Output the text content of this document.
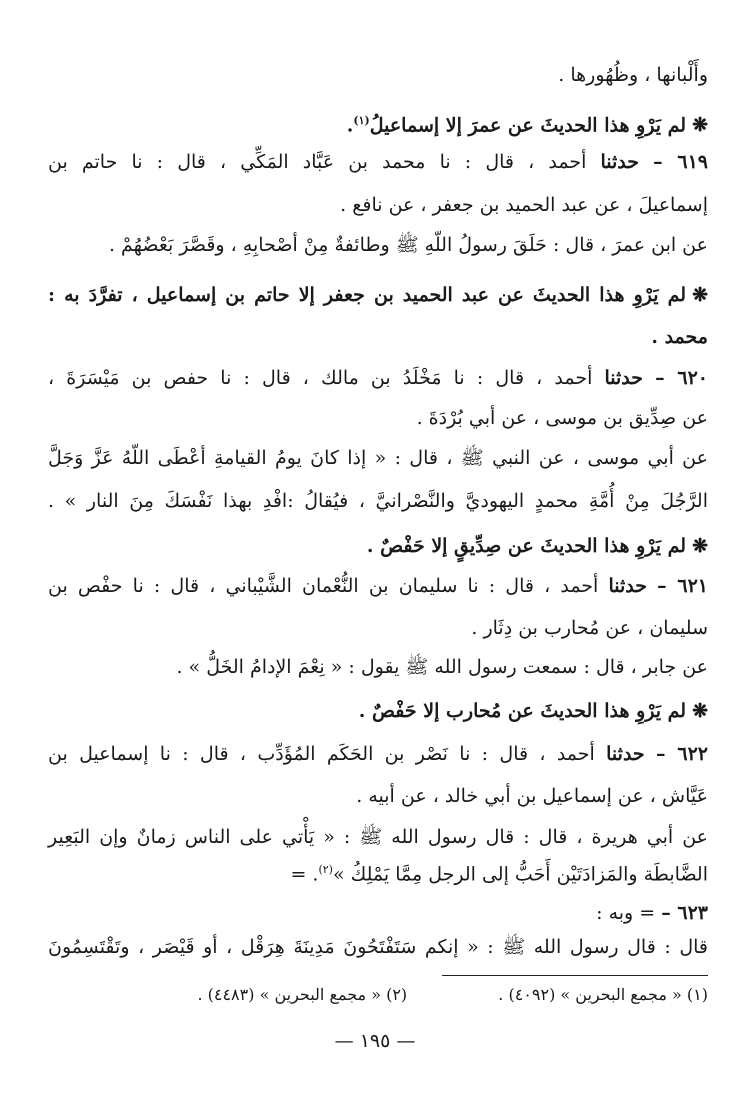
وأَلْبانها ، وظُهُورها .
❋لم يَرْوِ هذا الحديثَ عن عمرَ إلا إسماعيلُ$^{(١)}$.
٦١٩ – حدثنا أحمد ، قال : نا محمد بن عَبَّاد المَكِّي ، قال : نا حاتم بن
إسماعيلَ ، عن عبد الحميد بن جعفر ، عن نافع .
عن ابن عمرَ ، قال : حَلَقَ رسولُ اللّهِ ﷺ وطائفةٌ مِنْ أصْحابِهِ ، وقَصَّرَ بَعْضُهُمْ .
❋لم يَرْوِ هذا الحديثَ عن عبد الحميد بن جعفر إلا حاتم بن إسماعيل ، تفرَّدَ به :
محمد .
٦٢٠ – حدثنا أحمد ، قال : نا مَخْلَدُ بن مالك ، قال : نا حفص بن مَيْسَرَةَ ،
عن صِدِّيق بن موسى ، عن أبي بُرْدَةَ .
عن أبي موسى ، عن النبي ﷺ ، قال : « إذا كانَ يومُ القيامةِ أعْطَى اللّهُ عَزَّ وَجَلَّ
الرَّجُلَ مِنْ أُمَّةِ محمدٍ اليهوديَّ والنَّصْرانيَّ ، فيُقالُ :افْدِ بهذا نَفْسَكَ مِنَ النار » .
❋لم يَرْوِ هذا الحديثَ عن صِدِّيقٍ إلا حَفْصٌ .
٦٢١ – حدثنا أحمد ، قال : نا سليمان بن النُّعْمان الشَّيْباني ، قال : نا حفْص بن
سليمان ، عن مُحارب بن دِثَار .
عن جابر ، قال : سمعت رسول الله ﷺ يقول : « نِعْمَ الإدامُ الخَلُّ » .
❋لم يَرْوِ هذا الحديثَ عن مُحارب إلا حَفْصٌ .
٦٢٢ – حدثنا أحمد ، قال : نا نَصْر بن الحَكَم المُؤَدِّب ، قال : نا إسماعيل بن
عَيَّاش ، عن إسماعيل بن أبي خالد ، عن أبيه .
عن أبي هريرة ، قال : قال رسول الله ﷺ : « يَأْتي على الناس زمانٌ وإن البَعِير
الضَّابطَة والمَزادَتَيْن أَحَبُّ إلى الرجل مِمَّا يَمْلِكُ »$^{(٢)}$. =
٦٢٣ – = وبه :
قال : قال رسول الله ﷺ : « إنكم سَتَفْتَحُونَ مَدِينَةَ هِرَقْل ، أو قَيْصَر ، وتَقْتَسِمُونَ
(١) « مجمع البحرين » (٤٠٩٢) . (٢) « مجمع البحرين » (٤٤٨٣) .
— ١٩٥ —
